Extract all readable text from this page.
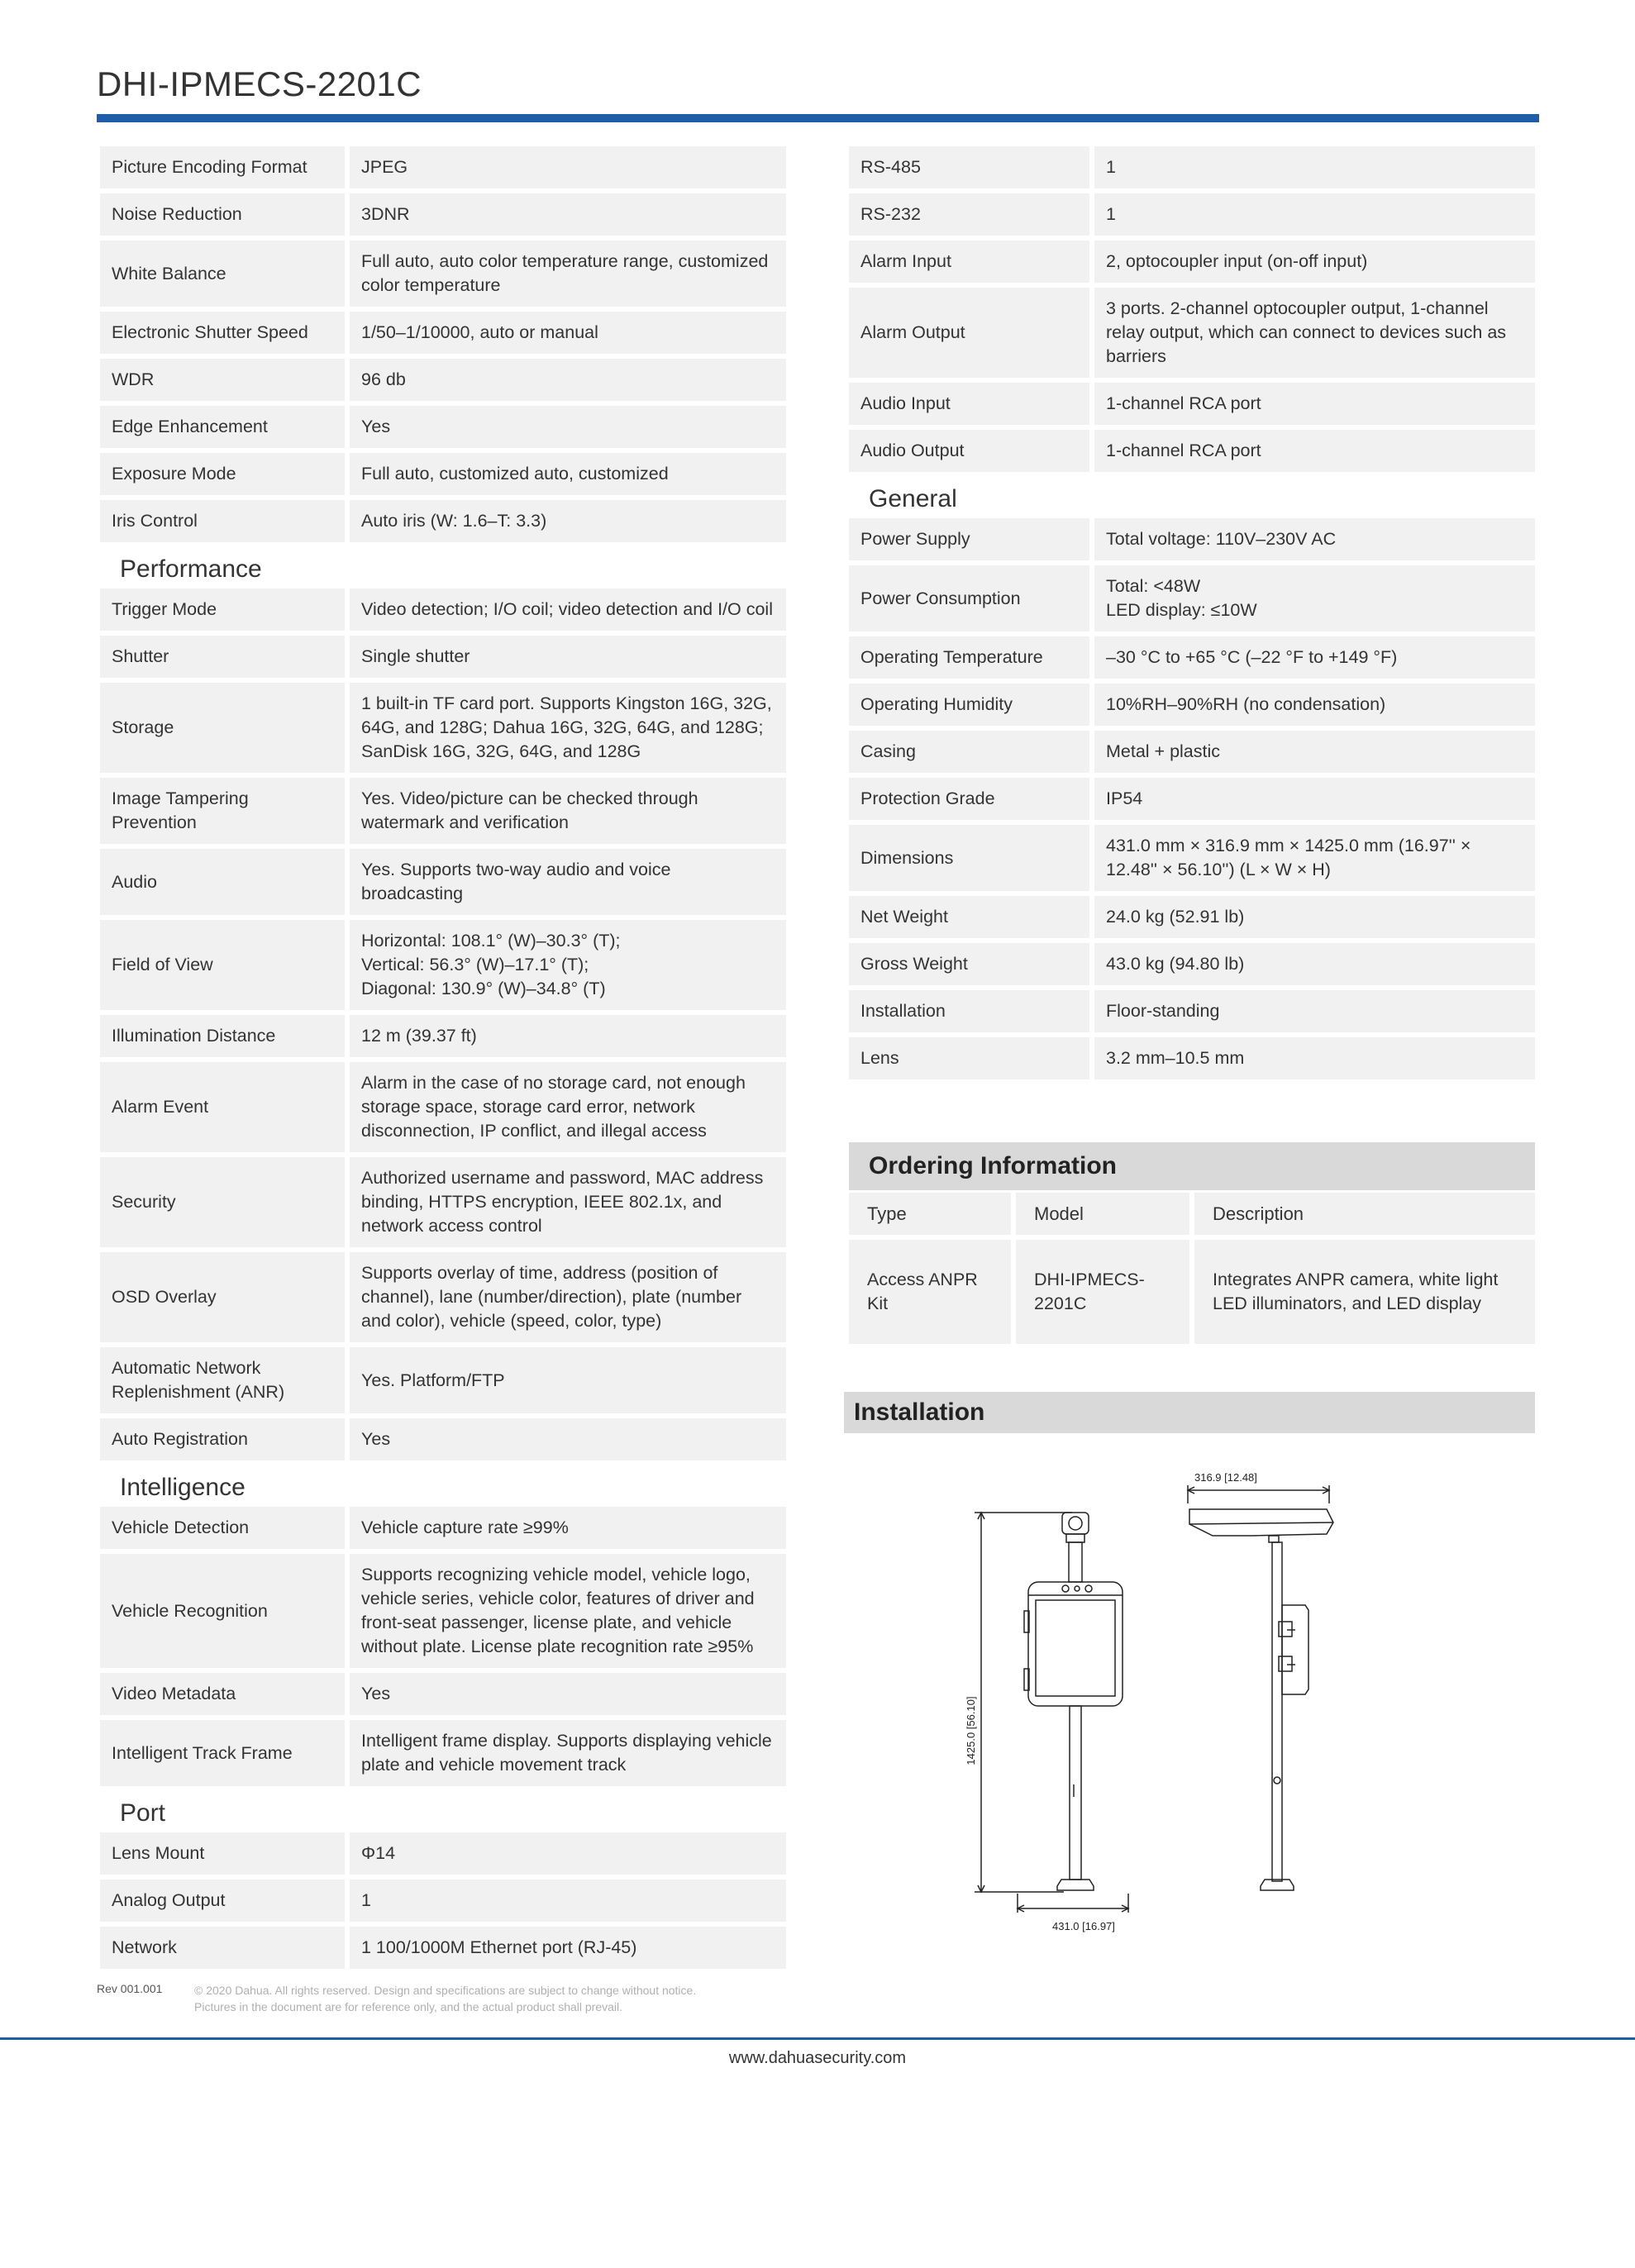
DHI-IPMECS-2201C
Picture Encoding Format	JPEG
Noise Reduction	3DNR
White Balance	Full auto, auto color temperature range, customized color temperature
Electronic Shutter Speed	1/50–1/10000, auto or manual
WDR	96 db
Edge Enhancement	Yes
Exposure Mode	Full auto, customized auto, customized
Iris Control	Auto iris (W: 1.6–T: 3.3)
Performance
Trigger Mode	Video detection; I/O coil; video detection and I/O coil
Shutter	Single shutter
Storage	1 built-in TF card port. Supports Kingston 16G, 32G, 64G, and 128G; Dahua 16G, 32G, 64G, and 128G; SanDisk 16G, 32G, 64G, and 128G
Image Tampering Prevention	Yes. Video/picture can be checked through watermark and verification
Audio	Yes. Supports two-way audio and voice broadcasting
Field of View	Horizontal: 108.1° (W)–30.3° (T);
Vertical: 56.3° (W)–17.1° (T);
Diagonal: 130.9° (W)–34.8° (T)
Illumination Distance	12 m (39.37 ft)
Alarm Event	Alarm in the case of no storage card, not enough storage space, storage card error, network disconnection, IP conflict, and illegal access
Security	Authorized username and password, MAC address binding, HTTPS encryption, IEEE 802.1x, and network access control
OSD Overlay	Supports overlay of time, address (position of channel), lane (number/direction), plate (number and color), vehicle (speed, color, type)
Automatic Network Replenishment (ANR)	Yes. Platform/FTP
Auto Registration	Yes
Intelligence
Vehicle Detection	Vehicle capture rate ≥99%
Vehicle Recognition	Supports recognizing vehicle model, vehicle logo, vehicle series, vehicle color, features of driver and front-seat passenger, license plate, and vehicle without plate. License plate recognition rate ≥95%
Video Metadata	Yes
Intelligent Track Frame	Intelligent frame display. Supports displaying vehicle plate and vehicle movement track
Port
Lens Mount	Φ14
Analog Output	1
Network	1 100/1000M Ethernet port (RJ-45)
RS-485	1
RS-232	1
Alarm Input	2, optocoupler input (on-off input)
Alarm Output	3 ports. 2-channel optocoupler output, 1-channel relay output, which can connect to devices such as barriers
Audio Input	1-channel RCA port
Audio Output	1-channel RCA port
General
Power Supply	Total voltage: 110V–230V AC
Power Consumption	Total: <48W
LED display: ≤10W
Operating Temperature	–30 °C to +65 °C (–22 °F to +149 °F)
Operating Humidity	10%RH–90%RH (no condensation)
Casing	Metal + plastic
Protection Grade	IP54
Dimensions	431.0 mm × 316.9 mm × 1425.0 mm (16.97'' × 12.48'' × 56.10'') (L × W × H)
Net Weight	24.0 kg (52.91 lb)
Gross Weight	43.0 kg (94.80 lb)
Installation	Floor-standing
Lens	3.2 mm–10.5 mm
Ordering Information
Type	Model	Description
Access ANPR Kit	DHI-IPMECS-2201C	Integrates ANPR camera, white light LED illuminators, and LED display
Installation
316.9 [12.48]
431.0 [16.97]
1425.0 [56.10]
Rev 001.001	© 2020 Dahua. All rights reserved. Design and specifications are subject to change without notice.
Pictures in the document are for reference only, and the actual product shall prevail.
www.dahuasecurity.com
